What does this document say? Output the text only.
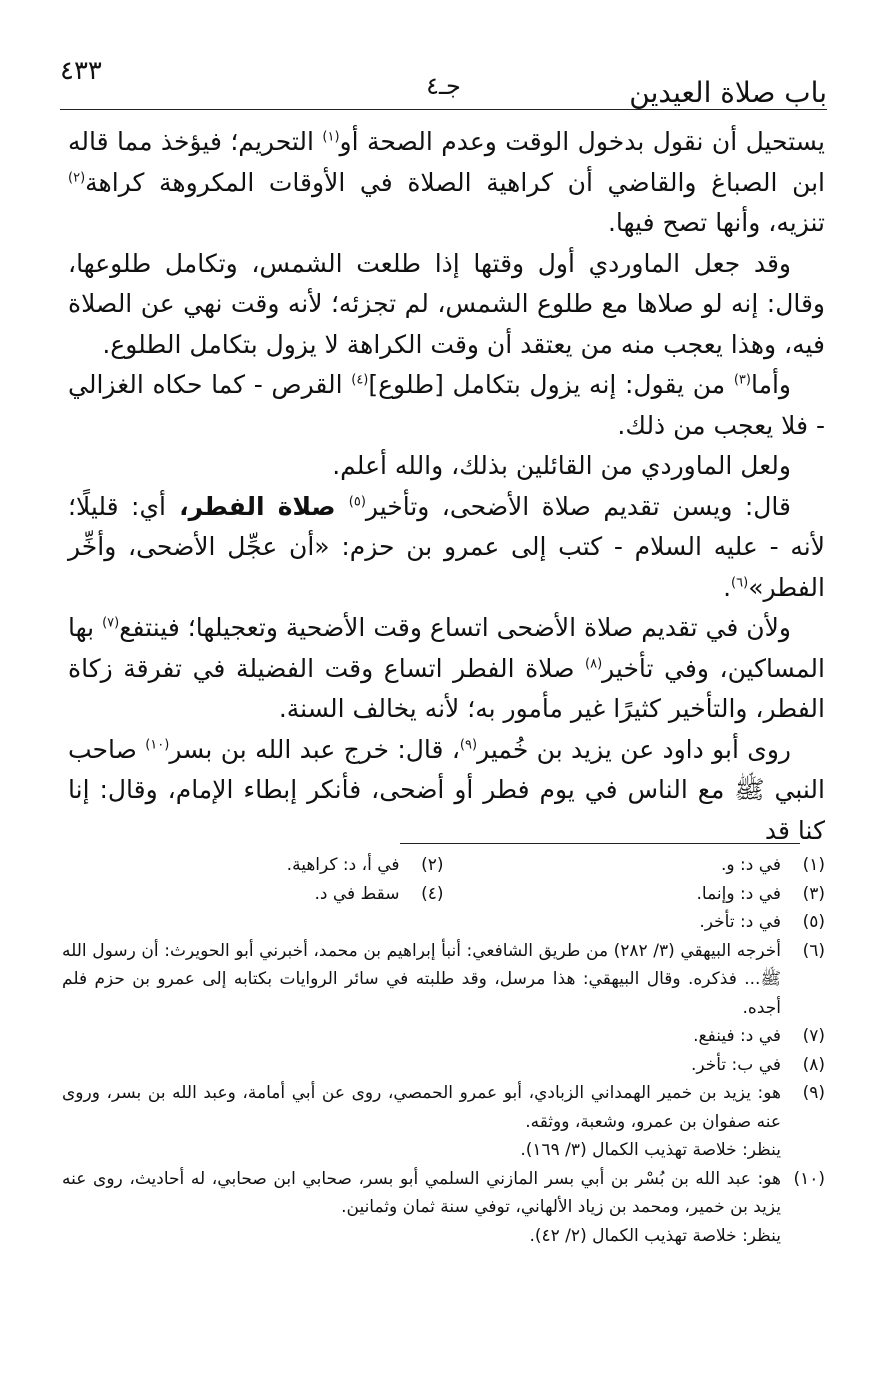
باب صلاة العيدين
جـ٤
٤٣٣

يستحيل أن نقول بدخول الوقت وعدم الصحة أو$^{(١)}$ التحريم؛ فيؤخذ مما قاله ابن الصباغ والقاضي أن كراهية الصلاة في الأوقات المكروهة كراهة$^{(٢)}$ تنزيه، وأنها تصح فيها.

وقد جعل الماوردي أول وقتها إذا طلعت الشمس، وتكامل طلوعها، وقال: إنه لو صلاها مع طلوع الشمس، لم تجزئه؛ لأنه وقت نهي عن الصلاة فيه، وهذا يعجب منه من يعتقد أن وقت الكراهة لا يزول بتكامل الطلوع.

وأما$^{(٣)}$ من يقول: إنه يزول بتكامل [طلوع]$^{(٤)}$ القرص - كما حكاه الغزالي - فلا يعجب من ذلك.

ولعل الماوردي من القائلين بذلك، والله أعلم.

قال: ويسن تقديم صلاة الأضحى، وتأخير$^{(٥)}$ صلاة الفطر، أي: قليلًا؛ لأنه - عليه السلام - كتب إلى عمرو بن حزم: «أن عجِّل الأضحى، وأخِّر الفطر»$^{(٦)}$.

ولأن في تقديم صلاة الأضحى اتساع وقت الأضحية وتعجيلها؛ فينتفع$^{(٧)}$ بها المساكين، وفي تأخير$^{(٨)}$ صلاة الفطر اتساع وقت الفضيلة في تفرقة زكاة الفطر، والتأخير كثيرًا غير مأمور به؛ لأنه يخالف السنة.

روى أبو داود عن يزيد بن خُمير$^{(٩)}$، قال: خرج عبد الله بن بسر$^{(١٠)}$ صاحب النبي ﷺ مع الناس في يوم فطر أو أضحى، فأنكر إبطاء الإمام، وقال: إنا كنا قد

(١)
في د: و.
(٢)
في أ، د: كراهية.
(٣)
في د: وإنما.
(٤)
سقط في د.
(٥)
في د: تأخر.
(٦)
أخرجه البيهقي (٣/ ٢٨٢) من طريق الشافعي: أنبأ إبراهيم بن محمد، أخبرني أبو الحويرث: أن رسول الله ﷺ... فذكره. وقال البيهقي: هذا مرسل، وقد طلبته في سائر الروايات بكتابه إلى عمرو بن حزم فلم أجده.
(٧)
في د: فينفع.
(٨)
في ب: تأخر.
(٩)
هو: يزيد بن خمير الهمداني الزبادي، أبو عمرو الحمصي، روى عن أبي أمامة، وعبد الله بن بسر، وروى عنه صفوان بن عمرو، وشعبة، ووثقه.
ينظر: خلاصة تهذيب الكمال (٣/ ١٦٩).
(١٠)
هو: عبد الله بن بُسْر بن أبي بسر المازني السلمي أبو بسر، صحابي ابن صحابي، له أحاديث، روى عنه يزيد بن خمير، ومحمد بن زياد الألهاني، توفي سنة ثمان وثمانين.
ينظر: خلاصة تهذيب الكمال (٢/ ٤٢).
